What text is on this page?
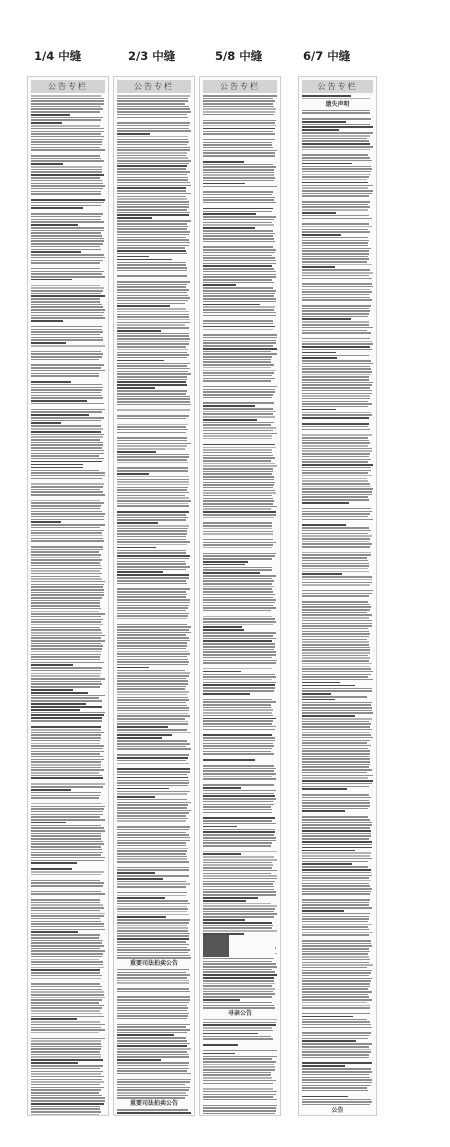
1/4 中缝	2/3 中缝	5/8 中缝	6/7 中缝
公告专栏	公告专栏
重要司法拍卖公告
重要司法拍卖公告
公告专栏
寻亲公告
公告专栏
遗失声明
公告
